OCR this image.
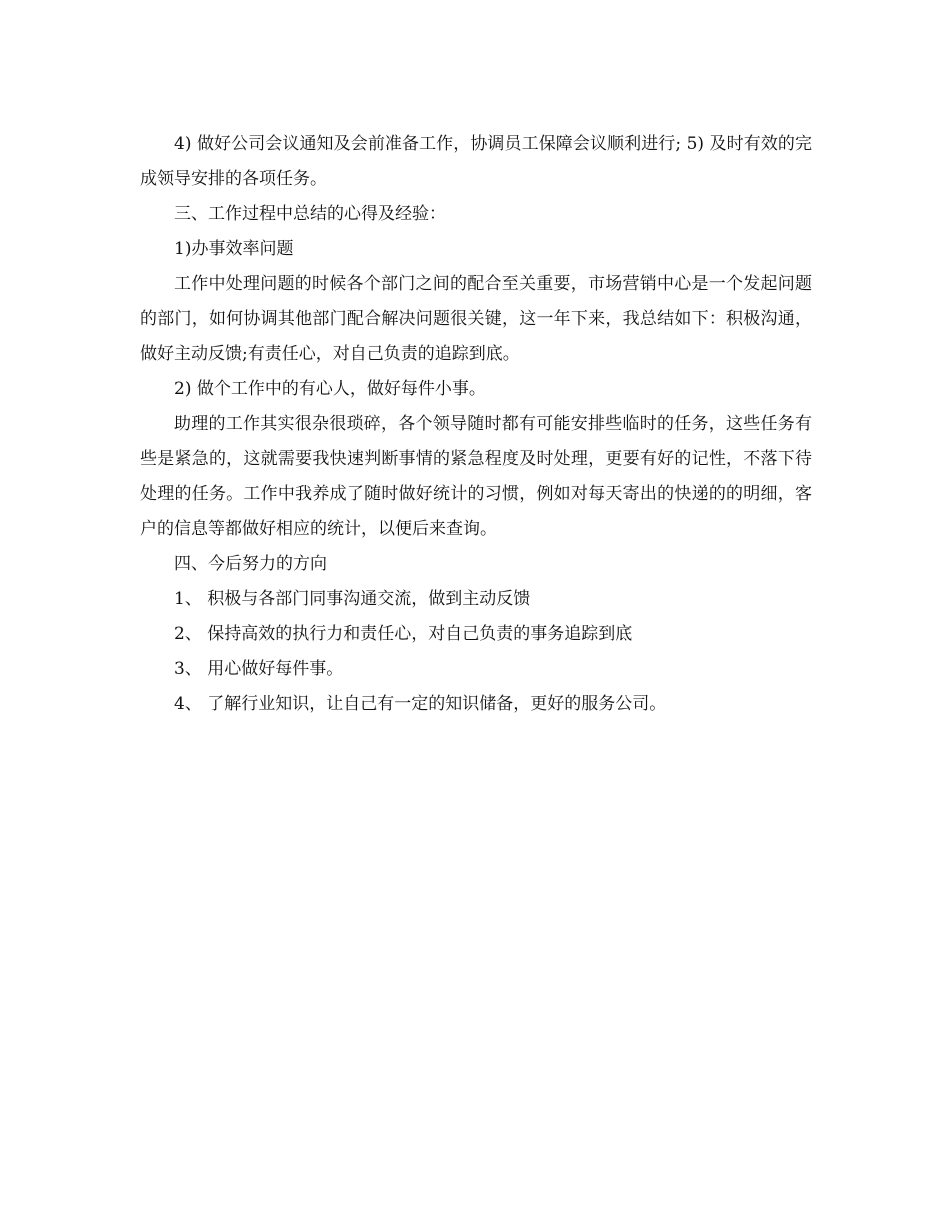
4) 做好公司会议通知及会前准备工作，协调员工保障会议顺利进行; 5) 及时有效的完成领导安排的各项任务。

三、工作过程中总结的心得及经验：

1)办事效率问题

工作中处理问题的时候各个部门之间的配合至关重要，市场营销中心是一个发起问题的部门，如何协调其他部门配合解决问题很关键，这一年下来，我总结如下：积极沟通，做好主动反馈;有责任心，对自己负责的追踪到底。

2) 做个工作中的有心人，做好每件小事。

助理的工作其实很杂很琐碎，各个领导随时都有可能安排些临时的任务，这些任务有些是紧急的，这就需要我快速判断事情的紧急程度及时处理，更要有好的记性，不落下待处理的任务。工作中我养成了随时做好统计的习惯，例如对每天寄出的快递的的明细，客户的信息等都做好相应的统计，以便后来查询。

四、今后努力的方向

1、 积极与各部门同事沟通交流，做到主动反馈

2、 保持高效的执行力和责任心，对自己负责的事务追踪到底

3、 用心做好每件事。

4、 了解行业知识，让自己有一定的知识储备，更好的服务公司。
